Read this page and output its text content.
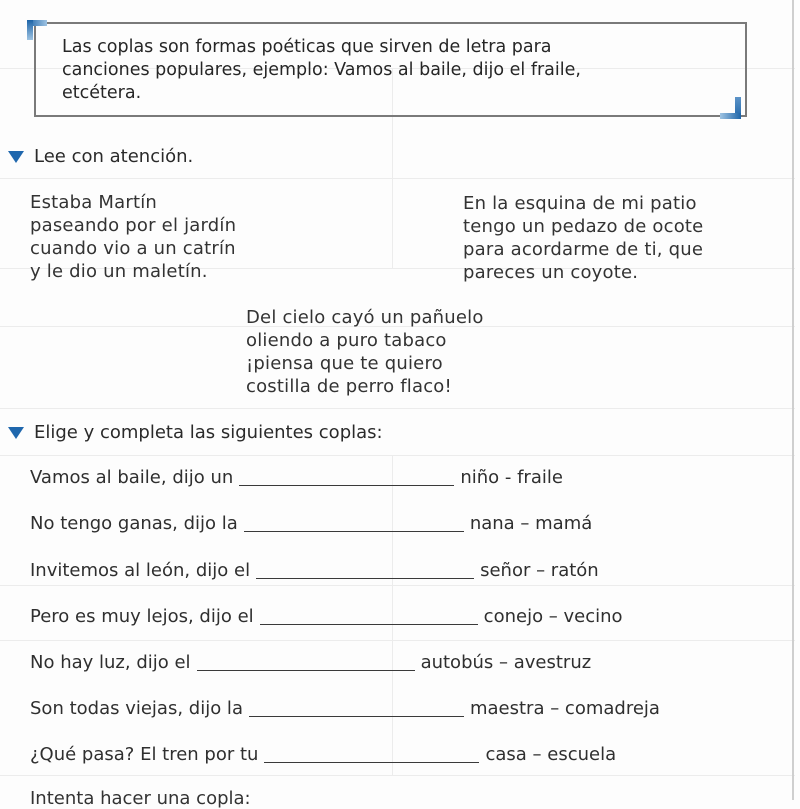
Las coplas son formas poéticas que sirven de letra para
canciones populares, ejemplo: Vamos al baile, dijo el fraile,
etcétera.
Lee con atención.
Estaba Martín
paseando por el jardín
cuando vio a un catrín
y le dio un maletín.
En la esquina de mi patio
tengo un pedazo de ocote
para acordarme de ti, que
pareces un coyote.
Del cielo cayó un pañuelo
oliendo a puro tabaco
¡piensa que te quiero
costilla de perro flaco!
Elige y completa las siguientes coplas:
Vamos al baile, dijo un	niño - fraile
No tengo ganas, dijo la	nana – mamá
Invitemos al león, dijo el	señor – ratón
Pero es muy lejos, dijo el	conejo – vecino
No hay luz, dijo el	autobús – avestruz
Son todas viejas, dijo la	maestra – comadreja
¿Qué pasa? El tren por tu	casa – escuela
Intenta hacer una copla:
